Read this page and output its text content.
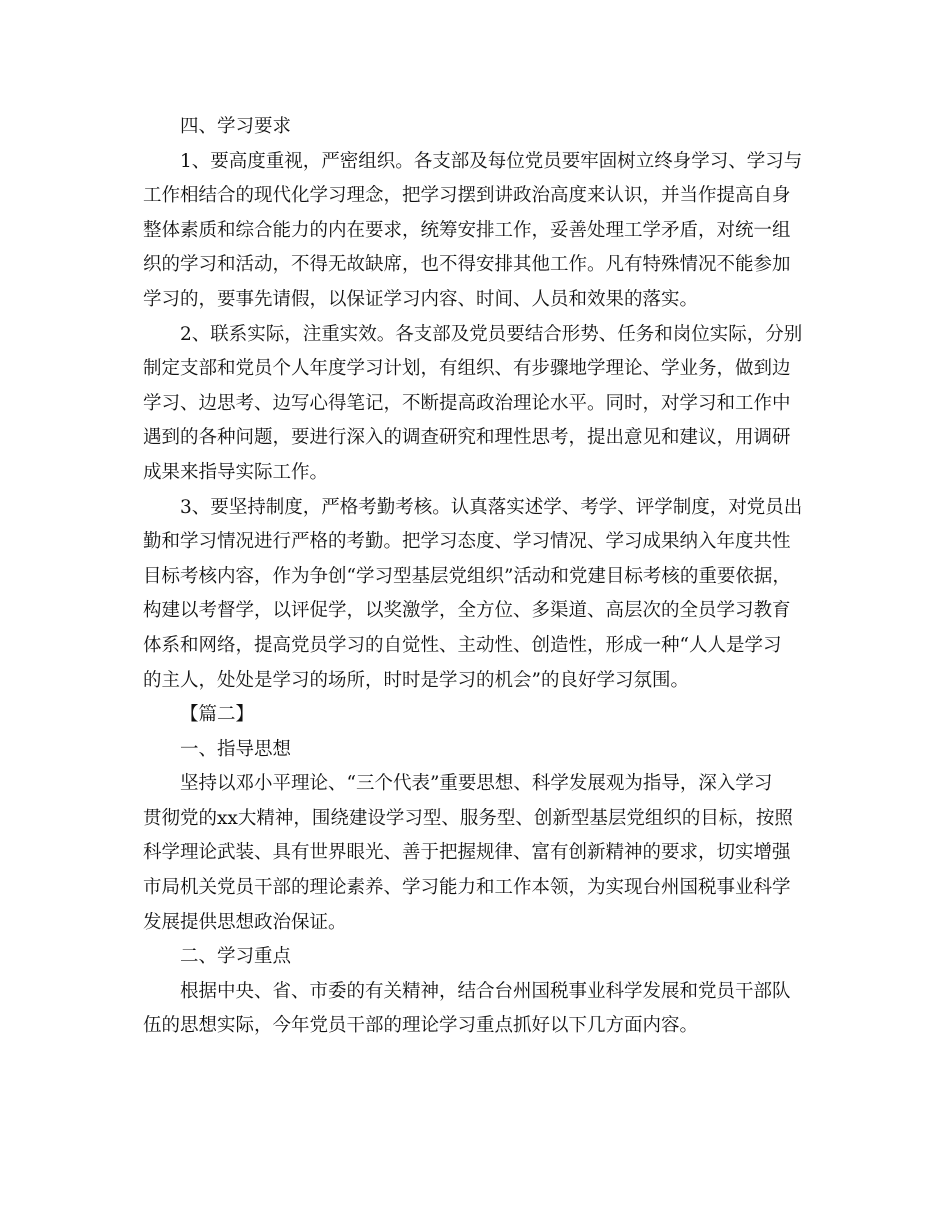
四、学习要求
1、要高度重视，严密组织。各支部及每位党员要牢固树立终身学习、学习与
工作相结合的现代化学习理念，把学习摆到讲政治高度来认识，并当作提高自身
整体素质和综合能力的内在要求，统筹安排工作，妥善处理工学矛盾，对统一组
织的学习和活动，不得无故缺席，也不得安排其他工作。凡有特殊情况不能参加
学习的，要事先请假，以保证学习内容、时间、人员和效果的落实。
2、联系实际，注重实效。各支部及党员要结合形势、任务和岗位实际，分别
制定支部和党员个人年度学习计划，有组织、有步骤地学理论、学业务，做到边
学习、边思考、边写心得笔记，不断提高政治理论水平。同时，对学习和工作中
遇到的各种问题，要进行深入的调查研究和理性思考，提出意见和建议，用调研
成果来指导实际工作。
3、要坚持制度，严格考勤考核。认真落实述学、考学、评学制度，对党员出
勤和学习情况进行严格的考勤。把学习态度、学习情况、学习成果纳入年度共性
目标考核内容，作为争创“学习型基层党组织”活动和党建目标考核的重要依据，
构建以考督学，以评促学，以奖激学，全方位、多渠道、高层次的全员学习教育
体系和网络，提高党员学习的自觉性、主动性、创造性，形成一种“人人是学习
的主人，处处是学习的场所，时时是学习的机会”的良好学习氛围。
【篇二】
一、指导思想
坚持以邓小平理论、“三个代表”重要思想、科学发展观为指导，深入学习
贯彻党的xx大精神，围绕建设学习型、服务型、创新型基层党组织的目标，按照
科学理论武装、具有世界眼光、善于把握规律、富有创新精神的要求，切实增强
市局机关党员干部的理论素养、学习能力和工作本领，为实现台州国税事业科学
发展提供思想政治保证。
二、学习重点
根据中央、省、市委的有关精神，结合台州国税事业科学发展和党员干部队
伍的思想实际，今年党员干部的理论学习重点抓好以下几方面内容。
